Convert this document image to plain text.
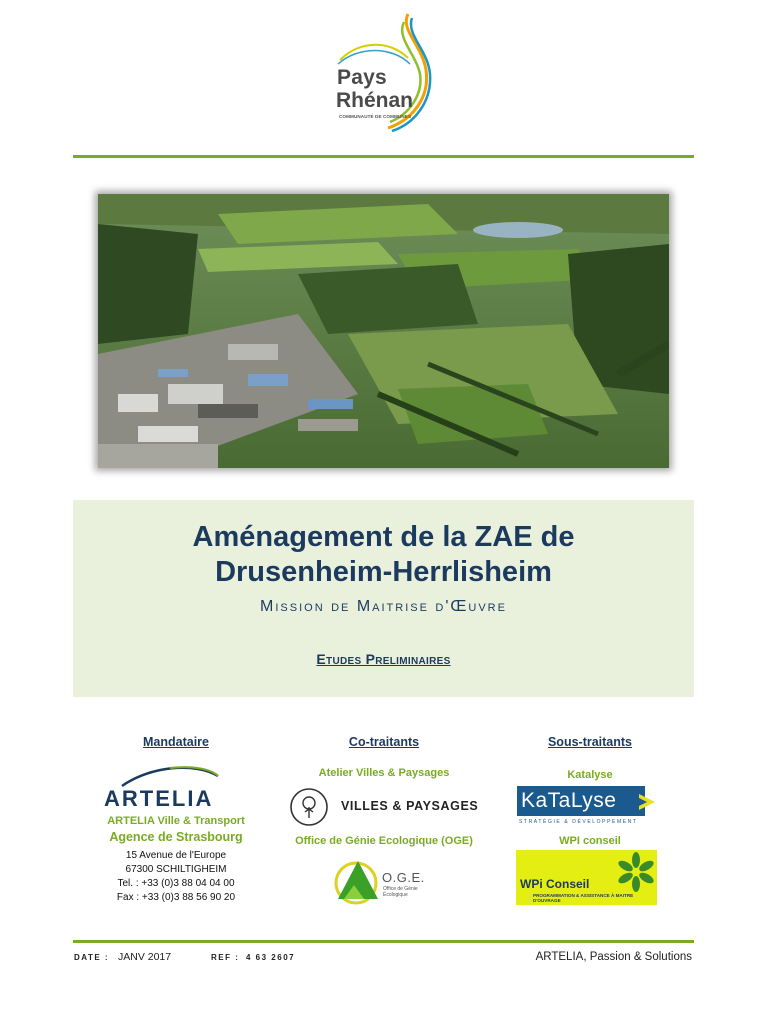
Pays
Rhénan
COMMUNAUTÉ DE COMMUNES
Aménagement de la ZAE de
Drusenheim-Herrlisheim
Mission de Maitrise d'Œuvre
Etudes Preliminaires
Mandataire
ARTELIA
ARTELIA Ville & Transport
Agence de Strasbourg
15 Avenue de l'Europe
67300 SCHILTIGHEIM
Tel. : +33 (0)3 88 04 04 00
Fax : +33 (0)3 88 56 90 20
Co-traitants
Atelier Villes & Paysages
VILLES & PAYSAGES
Office de Génie Ecologique (OGE)
O.G.E.
Office de Génie Écologique
Sous-traitants
Katalyse
KaTaLyse
STRATÉGIE & DÉVELOPPEMENT
WPI conseil
WPi Conseil
PROGRAMMATION & ASSISTANCE À MAITRE D'OUVRAGE
DATE : JANV 2017	REF : 4 63 2607	ARTELIA, Passion & Solutions
